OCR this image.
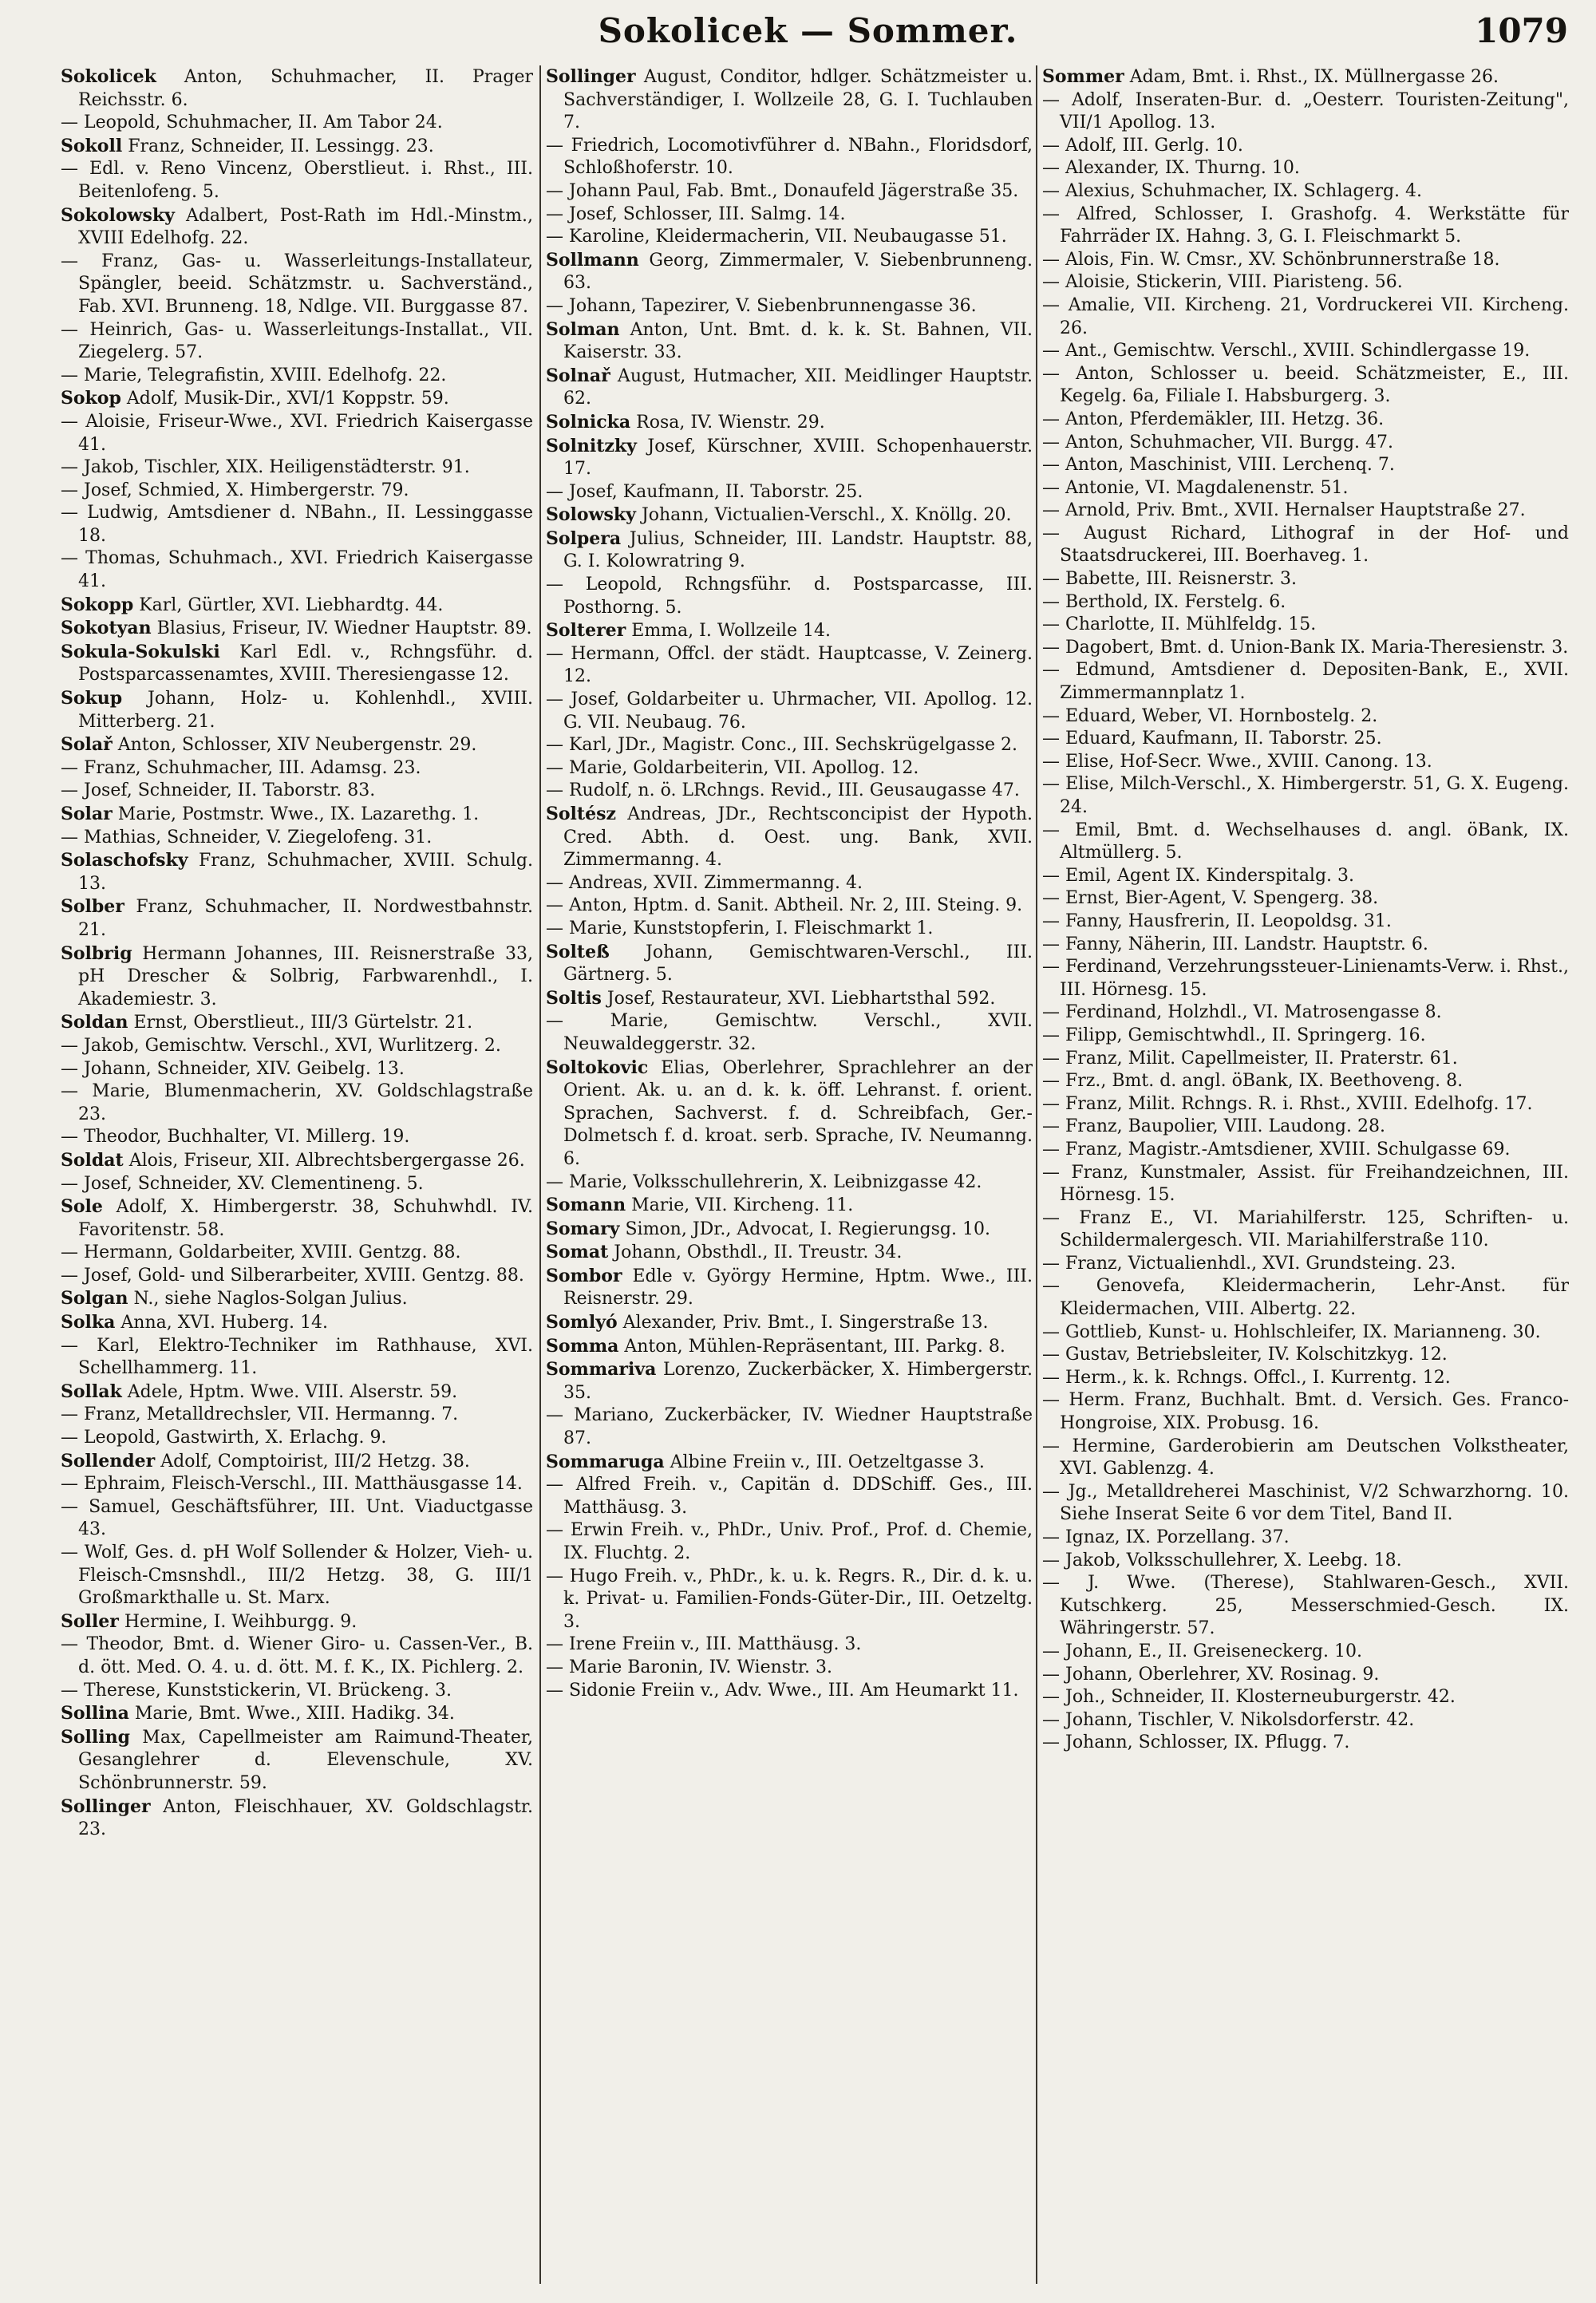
Sokolicek — Sommer.	1079

Sokolicek Anton, Schuhmacher, II. Prager Reichsstr. 6.

— Leopold, Schuhmacher, II. Am Tabor 24.

Sokoll Franz, Schneider, II. Lessingg. 23.

— Edl. v. Reno Vincenz, Oberstlieut. i. Rhst., III. Beitenlofeng. 5.

Sokolowsky Adalbert, Post-Rath im Hdl.-Minstm., XVIII Edelhofg. 22.

— Franz, Gas- u. Wasserleitungs-Installateur, Spängler, beeid. Schätzmstr. u. Sachverständ., Fab. XVI. Brunneng. 18, Ndlge. VII. Burggasse 87.

— Heinrich, Gas- u. Wasserleitungs-Installat., VII. Ziegelerg. 57.

— Marie, Telegrafistin, XVIII. Edelhofg. 22.

Sokop Adolf, Musik-Dir., XVI/1 Koppstr. 59.

— Aloisie, Friseur-Wwe., XVI. Friedrich Kaisergasse 41.

— Jakob, Tischler, XIX. Heiligenstädterstr. 91.

— Josef, Schmied, X. Himbergerstr. 79.

— Ludwig, Amtsdiener d. NBahn., II. Lessinggasse 18.

— Thomas, Schuhmach., XVI. Friedrich Kaisergasse 41.

Sokopp Karl, Gürtler, XVI. Liebhardtg. 44.

Sokotyan Blasius, Friseur, IV. Wiedner Hauptstr. 89.

Sokula-Sokulski Karl Edl. v., Rchngsführ. d. Postsparcassenamtes, XVIII. Theresiengasse 12.

Sokup Johann, Holz- u. Kohlenhdl., XVIII. Mitterberg. 21.

Solař Anton, Schlosser, XIV Neubergenstr. 29.

— Franz, Schuhmacher, III. Adamsg. 23.

— Josef, Schneider, II. Taborstr. 83.

Solar Marie, Postmstr. Wwe., IX. Lazarethg. 1.

— Mathias, Schneider, V. Ziegelofeng. 31.

Solaschofsky Franz, Schuhmacher, XVIII. Schulg. 13.

Solber Franz, Schuhmacher, II. Nordwestbahnstr. 21.

Solbrig Hermann Johannes, III. Reisnerstraße 33, pH Drescher & Solbrig, Farbwarenhdl., I. Akademiestr. 3.

Soldan Ernst, Oberstlieut., III/3 Gürtelstr. 21.

— Jakob, Gemischtw. Verschl., XVI, Wurlitzerg. 2.

— Johann, Schneider, XIV. Geibelg. 13.

— Marie, Blumenmacherin, XV. Goldschlagstraße 23.

— Theodor, Buchhalter, VI. Millerg. 19.

Soldat Alois, Friseur, XII. Albrechtsbergergasse 26.

— Josef, Schneider, XV. Clementineng. 5.

Sole Adolf, X. Himbergerstr. 38, Schuhwhdl. IV. Favoritenstr. 58.

— Hermann, Goldarbeiter, XVIII. Gentzg. 88.

— Josef, Gold- und Silberarbeiter, XVIII. Gentzg. 88.

Solgan N., siehe Naglos-Solgan Julius.

Solka Anna, XVI. Huberg. 14.

— Karl, Elektro-Techniker im Rathhause, XVI. Schellhammerg. 11.

Sollak Adele, Hptm. Wwe. VIII. Alserstr. 59.

— Franz, Metalldrechsler, VII. Hermanng. 7.

— Leopold, Gastwirth, X. Erlachg. 9.

Sollender Adolf, Comptoirist, III/2 Hetzg. 38.

— Ephraim, Fleisch-Verschl., III. Matthäusgasse 14.

— Samuel, Geschäftsführer, III. Unt. Viaductgasse 43.

— Wolf, Ges. d. pH Wolf Sollender & Holzer, Vieh- u. Fleisch-Cmsnshdl., III/2 Hetzg. 38, G. III/1 Großmarkthalle u. St. Marx.

Soller Hermine, I. Weihburgg. 9.

— Theodor, Bmt. d. Wiener Giro- u. Cassen-Ver., B. d. ött. Med. O. 4. u. d. ött. M. f. K., IX. Pichlerg. 2.

— Therese, Kunststickerin, VI. Brückeng. 3.

Sollina Marie, Bmt. Wwe., XIII. Hadikg. 34.

Solling Max, Capellmeister am Raimund-Theater, Gesanglehrer d. Elevenschule, XV. Schönbrunnerstr. 59.

Sollinger Anton, Fleischhauer, XV. Goldschlagstr. 23.

Sollinger August, Conditor, hdlger. Schätzmeister u. Sachverständiger, I. Wollzeile 28, G. I. Tuchlauben 7.

— Friedrich, Locomotivführer d. NBahn., Floridsdorf, Schloßhoferstr. 10.

— Johann Paul, Fab. Bmt., Donaufeld Jägerstraße 35.

— Josef, Schlosser, III. Salmg. 14.

— Karoline, Kleidermacherin, VII. Neubaugasse 51.

Sollmann Georg, Zimmermaler, V. Siebenbrunneng. 63.

— Johann, Tapezirer, V. Siebenbrunnengasse 36.

Solman Anton, Unt. Bmt. d. k. k. St. Bahnen, VII. Kaiserstr. 33.

Solnař August, Hutmacher, XII. Meidlinger Hauptstr. 62.

Solnicka Rosa, IV. Wienstr. 29.

Solnitzky Josef, Kürschner, XVIII. Schopenhauerstr. 17.

— Josef, Kaufmann, II. Taborstr. 25.

Solowsky Johann, Victualien-Verschl., X. Knöllg. 20.

Solpera Julius, Schneider, III. Landstr. Hauptstr. 88, G. I. Kolowratring 9.

— Leopold, Rchngsführ. d. Postsparcasse, III. Posthorng. 5.

Solterer Emma, I. Wollzeile 14.

— Hermann, Offcl. der städt. Hauptcasse, V. Zeinerg. 12.

— Josef, Goldarbeiter u. Uhrmacher, VII. Apollog. 12. G. VII. Neubaug. 76.

— Karl, JDr., Magistr. Conc., III. Sechskrügelgasse 2.

— Marie, Goldarbeiterin, VII. Apollog. 12.

— Rudolf, n. ö. LRchngs. Revid., III. Geusaugasse 47.

Soltész Andreas, JDr., Rechtsconcipist der Hypoth. Cred. Abth. d. Oest. ung. Bank, XVII. Zimmermanng. 4.

— Andreas, XVII. Zimmermanng. 4.

— Anton, Hptm. d. Sanit. Abtheil. Nr. 2, III. Steing. 9.

— Marie, Kunststopferin, I. Fleischmarkt 1.

Solteß Johann, Gemischtwaren-Verschl., III. Gärtnerg. 5.

Soltis Josef, Restaurateur, XVI. Liebhartsthal 592.

— Marie, Gemischtw. Verschl., XVII. Neuwaldeggerstr. 32.

Soltokovic Elias, Oberlehrer, Sprachlehrer an der Orient. Ak. u. an d. k. k. öff. Lehranst. f. orient. Sprachen, Sachverst. f. d. Schreibfach, Ger.-Dolmetsch f. d. kroat. serb. Sprache, IV. Neumanng. 6.

— Marie, Volksschullehrerin, X. Leibnizgasse 42.

Somann Marie, VII. Kircheng. 11.

Somary Simon, JDr., Advocat, I. Regierungsg. 10.

Somat Johann, Obsthdl., II. Treustr. 34.

Sombor Edle v. György Hermine, Hptm. Wwe., III. Reisnerstr. 29.

Somlyó Alexander, Priv. Bmt., I. Singerstraße 13.

Somma Anton, Mühlen-Repräsentant, III. Parkg. 8.

Sommariva Lorenzo, Zuckerbäcker, X. Himbergerstr. 35.

— Mariano, Zuckerbäcker, IV. Wiedner Hauptstraße 87.

Sommaruga Albine Freiin v., III. Oetzeltgasse 3.

— Alfred Freih. v., Capitän d. DDSchiff. Ges., III. Matthäusg. 3.

— Erwin Freih. v., PhDr., Univ. Prof., Prof. d. Chemie, IX. Fluchtg. 2.

— Hugo Freih. v., PhDr., k. u. k. Regrs. R., Dir. d. k. u. k. Privat- u. Familien-Fonds-Güter-Dir., III. Oetzeltg. 3.

— Irene Freiin v., III. Matthäusg. 3.

— Marie Baronin, IV. Wienstr. 3.

— Sidonie Freiin v., Adv. Wwe., III. Am Heumarkt 11.

Sommer Adam, Bmt. i. Rhst., IX. Müllnergasse 26.

— Adolf, Inseraten-Bur. d. „Oesterr. Touristen-Zeitung", VII/1 Apollog. 13.

— Adolf, III. Gerlg. 10.

— Alexander, IX. Thurng. 10.

— Alexius, Schuhmacher, IX. Schlagerg. 4.

— Alfred, Schlosser, I. Grashofg. 4. Werkstätte für Fahrräder IX. Hahng. 3, G. I. Fleischmarkt 5.

— Alois, Fin. W. Cmsr., XV. Schönbrunnerstraße 18.

— Aloisie, Stickerin, VIII. Piaristeng. 56.

— Amalie, VII. Kircheng. 21, Vordruckerei VII. Kircheng. 26.

— Ant., Gemischtw. Verschl., XVIII. Schindlergasse 19.

— Anton, Schlosser u. beeid. Schätzmeister, E., III. Kegelg. 6a, Filiale I. Habsburgerg. 3.

— Anton, Pferdemäkler, III. Hetzg. 36.

— Anton, Schuhmacher, VII. Burgg. 47.

— Anton, Maschinist, VIII. Lerchenq. 7.

— Antonie, VI. Magdalenenstr. 51.

— Arnold, Priv. Bmt., XVII. Hernalser Hauptstraße 27.

— August Richard, Lithograf in der Hof- und Staatsdruckerei, III. Boerhaveg. 1.

— Babette, III. Reisnerstr. 3.

— Berthold, IX. Ferstelg. 6.

— Charlotte, II. Mühlfeldg. 15.

— Dagobert, Bmt. d. Union-Bank IX. Maria-Theresienstr. 3.

— Edmund, Amtsdiener d. Depositen-Bank, E., XVII. Zimmermannplatz 1.

— Eduard, Weber, VI. Hornbostelg. 2.

— Eduard, Kaufmann, II. Taborstr. 25.

— Elise, Hof-Secr. Wwe., XVIII. Canong. 13.

— Elise, Milch-Verschl., X. Himbergerstr. 51, G. X. Eugeng. 24.

— Emil, Bmt. d. Wechselhauses d. angl. öBank, IX. Altmüllerg. 5.

— Emil, Agent IX. Kinderspitalg. 3.

— Ernst, Bier-Agent, V. Spengerg. 38.

— Fanny, Hausfrerin, II. Leopoldsg. 31.

— Fanny, Näherin, III. Landstr. Hauptstr. 6.

— Ferdinand, Verzehrungssteuer-Linienamts-Verw. i. Rhst., III. Hörnesg. 15.

— Ferdinand, Holzhdl., VI. Matrosengasse 8.

— Filipp, Gemischtwhdl., II. Springerg. 16.

— Franz, Milit. Capellmeister, II. Praterstr. 61.

— Frz., Bmt. d. angl. öBank, IX. Beethoveng. 8.

— Franz, Milit. Rchngs. R. i. Rhst., XVIII. Edelhofg. 17.

— Franz, Baupolier, VIII. Laudong. 28.

— Franz, Magistr.-Amtsdiener, XVIII. Schulgasse 69.

— Franz, Kunstmaler, Assist. für Freihandzeichnen, III. Hörnesg. 15.

— Franz E., VI. Mariahilferstr. 125, Schriften- u. Schildermalergesch. VII. Mariahilferstraße 110.

— Franz, Victualienhdl., XVI. Grundsteing. 23.

— Genovefa, Kleidermacherin, Lehr-Anst. für Kleidermachen, VIII. Albertg. 22.

— Gottlieb, Kunst- u. Hohlschleifer, IX. Marianneng. 30.

— Gustav, Betriebsleiter, IV. Kolschitzkyg. 12.

— Herm., k. k. Rchngs. Offcl., I. Kurrentg. 12.

— Herm. Franz, Buchhalt. Bmt. d. Versich. Ges. Franco-Hongroise, XIX. Probusg. 16.

— Hermine, Garderobierin am Deutschen Volkstheater, XVI. Gablenzg. 4.

— Jg., Metalldreherei Maschinist, V/2 Schwarzhorng. 10. Siehe Inserat Seite 6 vor dem Titel, Band II.

— Ignaz, IX. Porzellang. 37.

— Jakob, Volksschullehrer, X. Leebg. 18.

— J. Wwe. (Therese), Stahlwaren-Gesch., XVII. Kutschkerg. 25, Messerschmied-Gesch. IX. Währingerstr. 57.

— Johann, E., II. Greiseneckerg. 10.

— Johann, Oberlehrer, XV. Rosinag. 9.

— Joh., Schneider, II. Klosterneuburgerstr. 42.

— Johann, Tischler, V. Nikolsdorferstr. 42.

— Johann, Schlosser, IX. Pflugg. 7.
